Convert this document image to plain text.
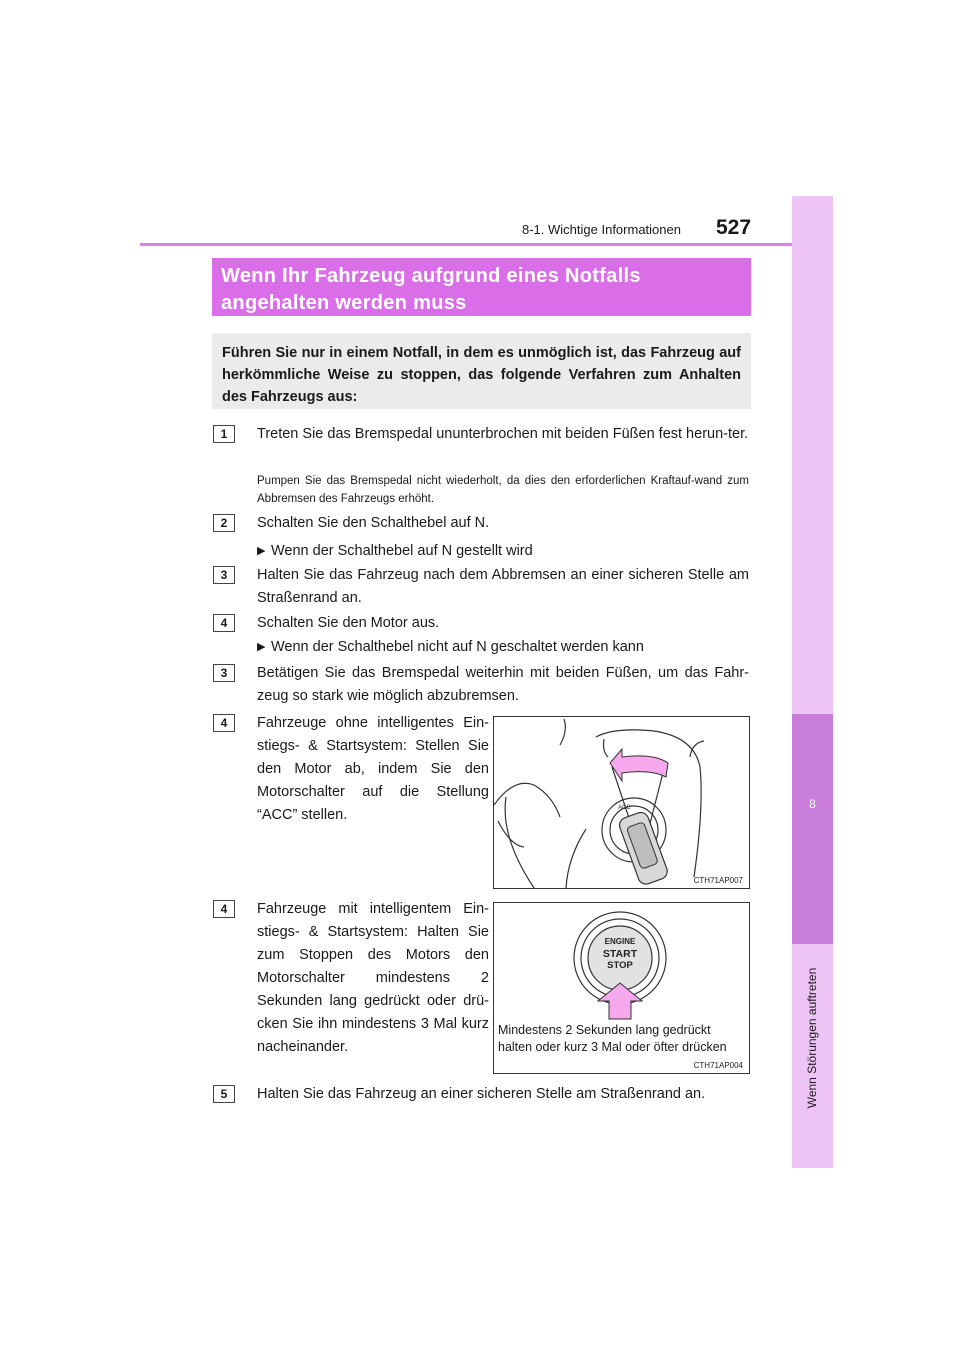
8-1. Wichtige Informationen 527
8
Wenn Störungen auftreten
Wenn Ihr Fahrzeug aufgrund eines Notfalls
angehalten werden muss
Führen Sie nur in einem Notfall, in dem es unmöglich ist, das Fahrzeug auf herkömmliche Weise zu stoppen, das folgende Verfahren zum Anhalten des Fahrzeugs aus:
1	Treten Sie das Bremspedal ununterbrochen mit beiden Füßen fest herun-ter.
Pumpen Sie das Bremspedal nicht wiederholt, da dies den erforderlichen Kraftauf-wand zum Abbremsen des Fahrzeugs erhöht.
2	Schalten Sie den Schalthebel auf N.
▶ Wenn der Schalthebel auf N gestellt wird
3	Halten Sie das Fahrzeug nach dem Abbremsen an einer sicheren Stelle am Straßenrand an.
4	Schalten Sie den Motor aus.
▶ Wenn der Schalthebel nicht auf N geschaltet werden kann
3	Betätigen Sie das Bremspedal weiterhin mit beiden Füßen, um das Fahr-zeug so stark wie möglich abzubremsen.
4	Fahrzeuge ohne intelligentes Ein-stiegs- & Startsystem: Stellen Sie den Motor ab, indem Sie den Motorschalter auf die Stellung “ACC” stellen.	ACC
CTH71AP007
4	Fahrzeuge mit intelligentem Ein-stiegs- & Startsystem: Halten Sie zum Stoppen des Motors den Motorschalter mindestens 2 Sekunden lang gedrückt oder drü-cken Sie ihn mindestens 3 Mal kurz nacheinander.
ENGINE
START
STOP
Mindestens 2 Sekunden lang gedrückt halten oder kurz 3 Mal oder öfter drücken
CTH71AP004
5	Halten Sie das Fahrzeug an einer sicheren Stelle am Straßenrand an.
